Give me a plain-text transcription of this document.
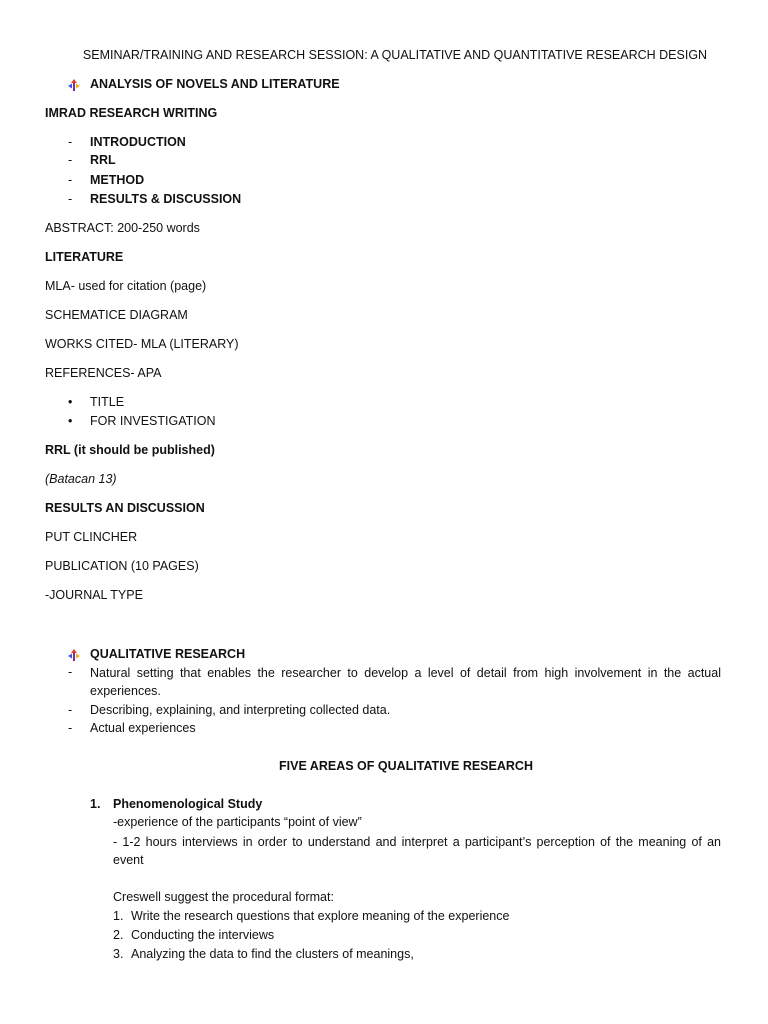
SEMINAR/TRAINING AND RESEARCH SESSION: A QUALITATIVE AND QUANTITATIVE RESEARCH DESIGN
ANALYSIS OF NOVELS AND LITERATURE
IMRAD RESEARCH WRITING
- INTRODUCTION
- RRL
- METHOD
- RESULTS & DISCUSSION
ABSTRACT: 200-250 words
LITERATURE
MLA- used for citation (page)
SCHEMATICE DIAGRAM
WORKS CITED- MLA (LITERARY)
REFERENCES- APA
• TITLE
• FOR INVESTIGATION
RRL (it should be published)
(Batacan 13)
RESULTS AN DISCUSSION
PUT CLINCHER
PUBLICATION (10 PAGES)
-JOURNAL TYPE
QUALITATIVE RESEARCH
- Natural setting that enables the researcher to develop a level of detail from high involvement in the actual experiences.
- Describing, explaining, and interpreting collected data.
- Actual experiences
FIVE AREAS OF QUALITATIVE RESEARCH
1. Phenomenological Study
-experience of the participants “point of view”
- 1-2 hours interviews in order to understand and interpret a participant’s perception of the meaning of an event
Creswell suggest the procedural format:
1. Write the research questions that explore meaning of the experience
2. Conducting the interviews
3. Analyzing the data to find the clusters of meanings,
